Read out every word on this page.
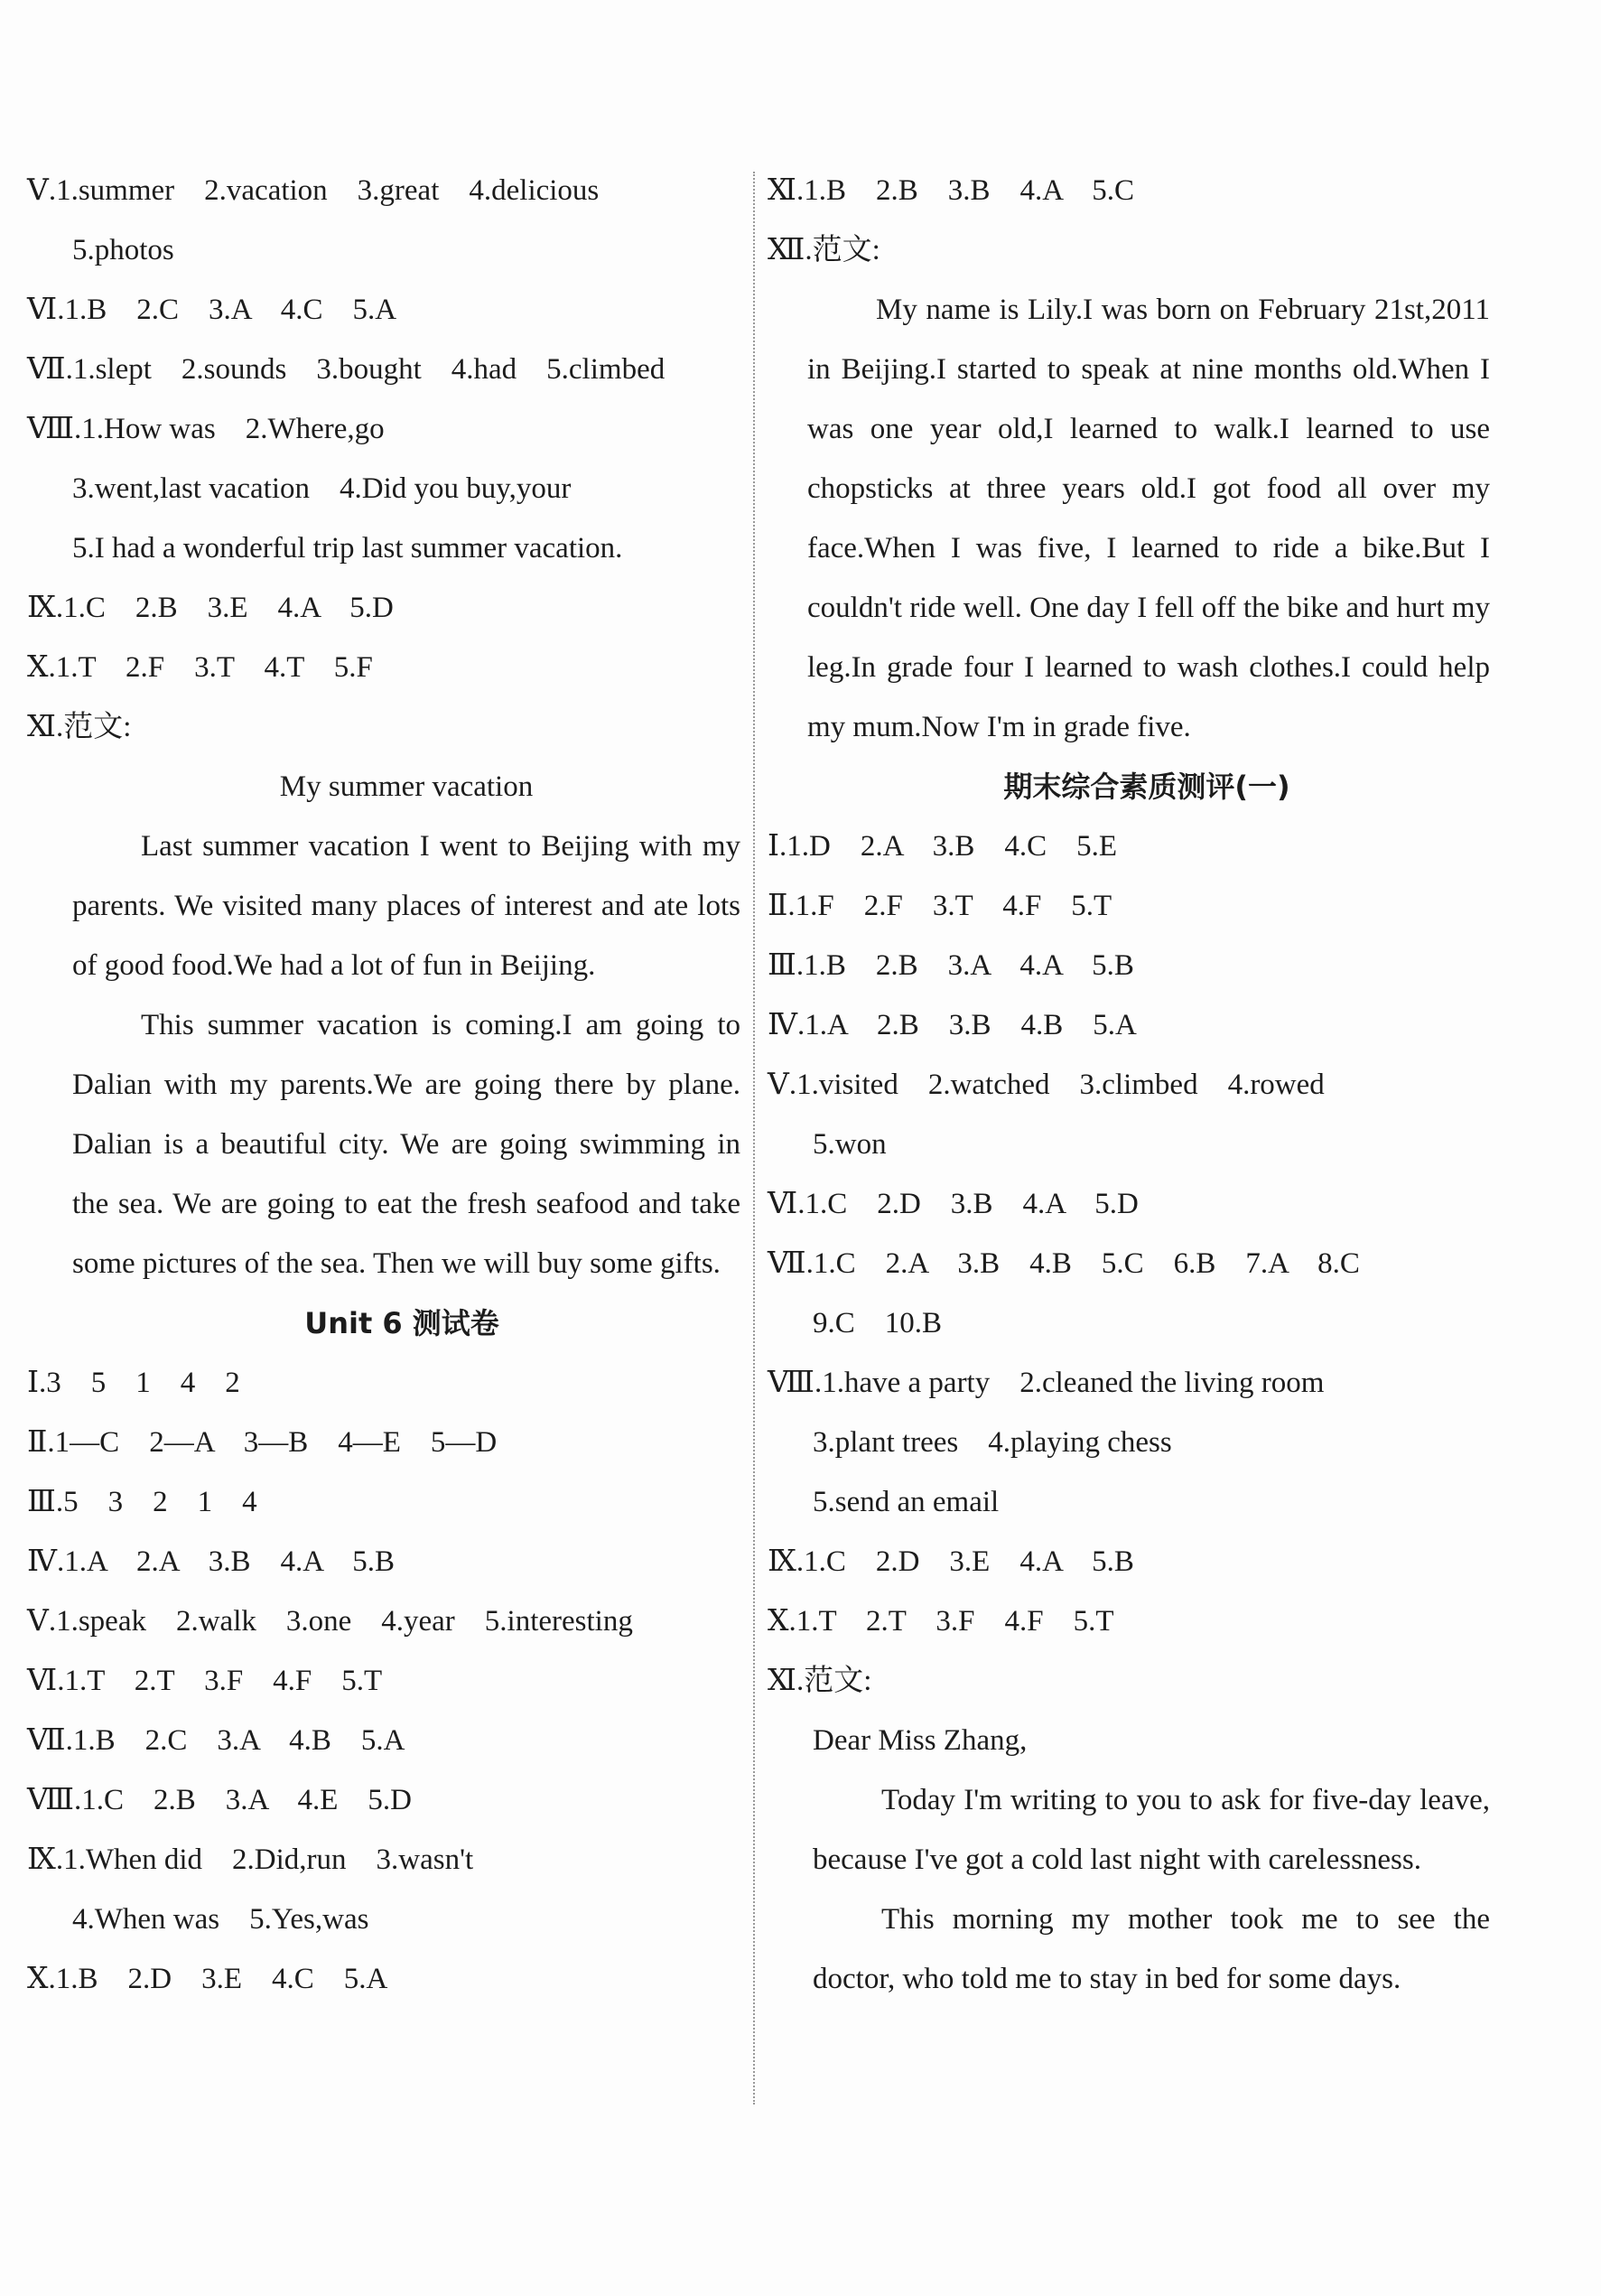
Ⅴ.1.summer　2.vacation　3.great　4.delicious
5.photos
Ⅵ.1.B　2.C　3.A　4.C　5.A
Ⅶ.1.slept　2.sounds　3.bought　4.had　5.climbed
Ⅷ.1.How was　2.Where,go
3.went,last vacation　4.Did you buy,your
5.I had a wonderful trip last summer vacation.
Ⅸ.1.C　2.B　3.E　4.A　5.D
Ⅹ.1.T　2.F　3.T　4.T　5.F
Ⅺ.范文:
My summer vacation
Last summer vacation I went to Beijing with my parents. We visited many places of interest and ate lots of good food.We had a lot of fun in Beijing.
This summer vacation is coming.I am going to Dalian with my parents.We are going there by plane. Dalian is a beautiful city. We are going swimming in the sea. We are going to eat the fresh seafood and take some pictures of the sea. Then we will buy some gifts.
Unit 6 测试卷
Ⅰ.3　5　1　4　2
Ⅱ.1—C　2—A　3—B　4—E　5—D
Ⅲ.5　3　2　1　4
Ⅳ.1.A　2.A　3.B　4.A　5.B
Ⅴ.1.speak　2.walk　3.one　4.year　5.interesting
Ⅵ.1.T　2.T　3.F　4.F　5.T
Ⅶ.1.B　2.C　3.A　4.B　5.A
Ⅷ.1.C　2.B　3.A　4.E　5.D
Ⅸ.1.When did　2.Did,run　3.wasn't
4.When was　5.Yes,was
Ⅹ.1.B　2.D　3.E　4.C　5.A
Ⅺ.1.B　2.B　3.B　4.A　5.C
Ⅻ.范文:
My name is Lily.I was born on February 21st,2011 in Beijing.I started to speak at nine months old.When I was one year old,I learned to walk.I learned to use chopsticks at three years old.I got food all over my face.When I was five, I learned to ride a bike.But I couldn't ride well. One day I fell off the bike and hurt my leg.In grade four I learned to wash clothes.I could help my mum.Now I'm in grade five.
期末综合素质测评(一)
Ⅰ.1.D　2.A　3.B　4.C　5.E
Ⅱ.1.F　2.F　3.T　4.F　5.T
Ⅲ.1.B　2.B　3.A　4.A　5.B
Ⅳ.1.A　2.B　3.B　4.B　5.A
Ⅴ.1.visited　2.watched　3.climbed　4.rowed
5.won
Ⅵ.1.C　2.D　3.B　4.A　5.D
Ⅶ.1.C　2.A　3.B　4.B　5.C　6.B　7.A　8.C
9.C　10.B
Ⅷ.1.have a party　2.cleaned the living room
3.plant trees　4.playing chess
5.send an email
Ⅸ.1.C　2.D　3.E　4.A　5.B
Ⅹ.1.T　2.T　3.F　4.F　5.T
Ⅺ.范文:
Dear Miss Zhang,
Today I'm writing to you to ask for five-day leave, because I've got a cold last night with carelessness.
This morning my mother took me to see the doctor, who told me to stay in bed for some days.
